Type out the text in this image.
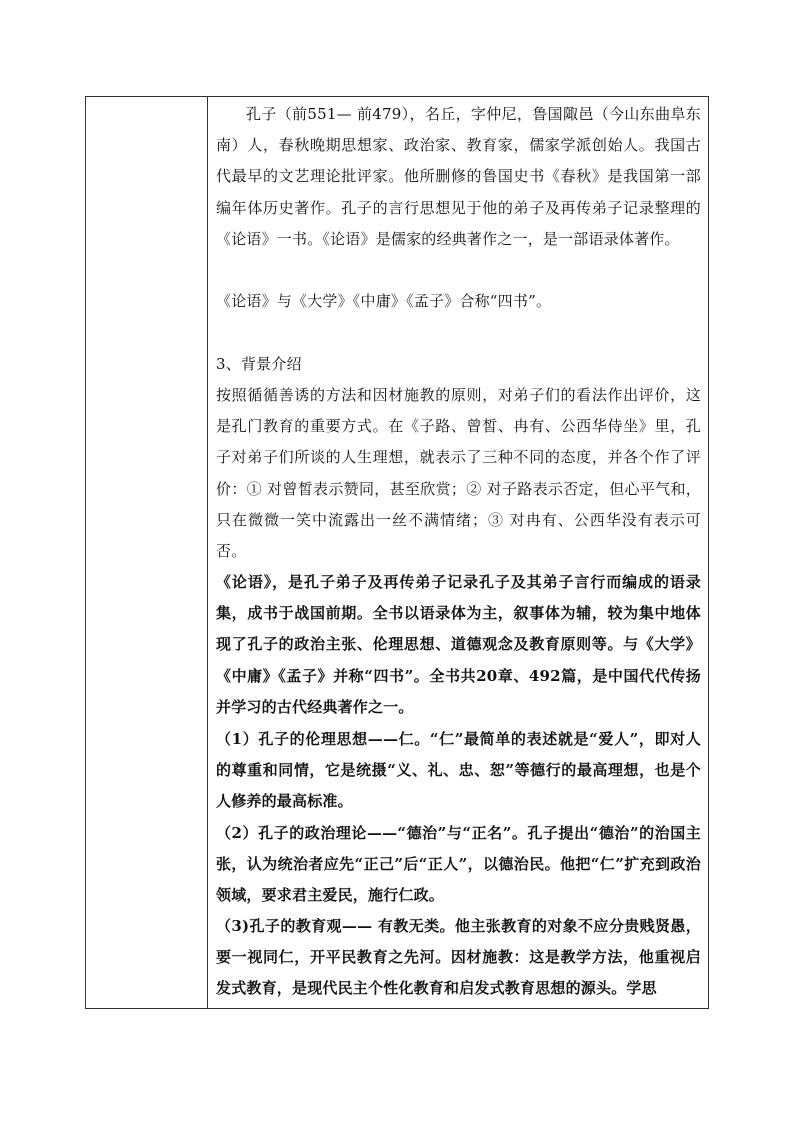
孔子（前551— 前479），名丘，字仲尼，鲁国陬邑（今山东曲阜东南）人，春秋晚期思想家、政治家、教育家，儒家学派创始人。我国古代最早的文艺理论批评家。他所删修的鲁国史书《春秋》是我国第一部编年体历史著作。孔子的言行思想见于他的弟子及再传弟子记录整理的《论语》一书。《论语》是儒家的经典著作之一，是一部语录体著作。
《论语》与《大学》《中庸》《孟子》合称“四书”。
3、背景介绍
按照循循善诱的方法和因材施教的原则，对弟子们的看法作出评价，这是孔门教育的重要方式。在《子路、曾皙、冉有、公西华侍坐》里，孔子对弟子们所谈的人生理想，就表示了三种不同的态度，并各个作了评价：① 对曾皙表示赞同，甚至欣赏；② 对子路表示否定，但心平气和，只在微微一笑中流露出一丝不满情绪；③ 对冉有、公西华没有表示可否。
《论语》，是孔子弟子及再传弟子记录孔子及其弟子言行而编成的语录集，成书于战国前期。全书以语录体为主，叙事体为辅，较为集中地体现了孔子的政治主张、伦理思想、道德观念及教育原则等。与《大学》《中庸》《孟子》并称“四书”。全书共20章、492篇，是中国代代传扬并学习的古代经典著作之一。
（1）孔子的伦理思想——仁。“仁”最简单的表述就是“爱人”，即对人的尊重和同情，它是统摄“义、礼、忠、恕”等德行的最高理想，也是个人修养的最高标准。
（2）孔子的政治理论——“德治”与“正名”。孔子提出“德治”的治国主张，认为统治者应先“正己”后“正人”，以德治民。他把“仁”扩充到政治领域，要求君主爱民，施行仁政。
（3)孔子的教育观—— 有教无类。他主张教育的对象不应分贵贱贤愚，要一视同仁，开平民教育之先河。因材施教：这是教学方法，他重视启发式教育，是现代民主个性化教育和启发式教育思想的源头。学思
